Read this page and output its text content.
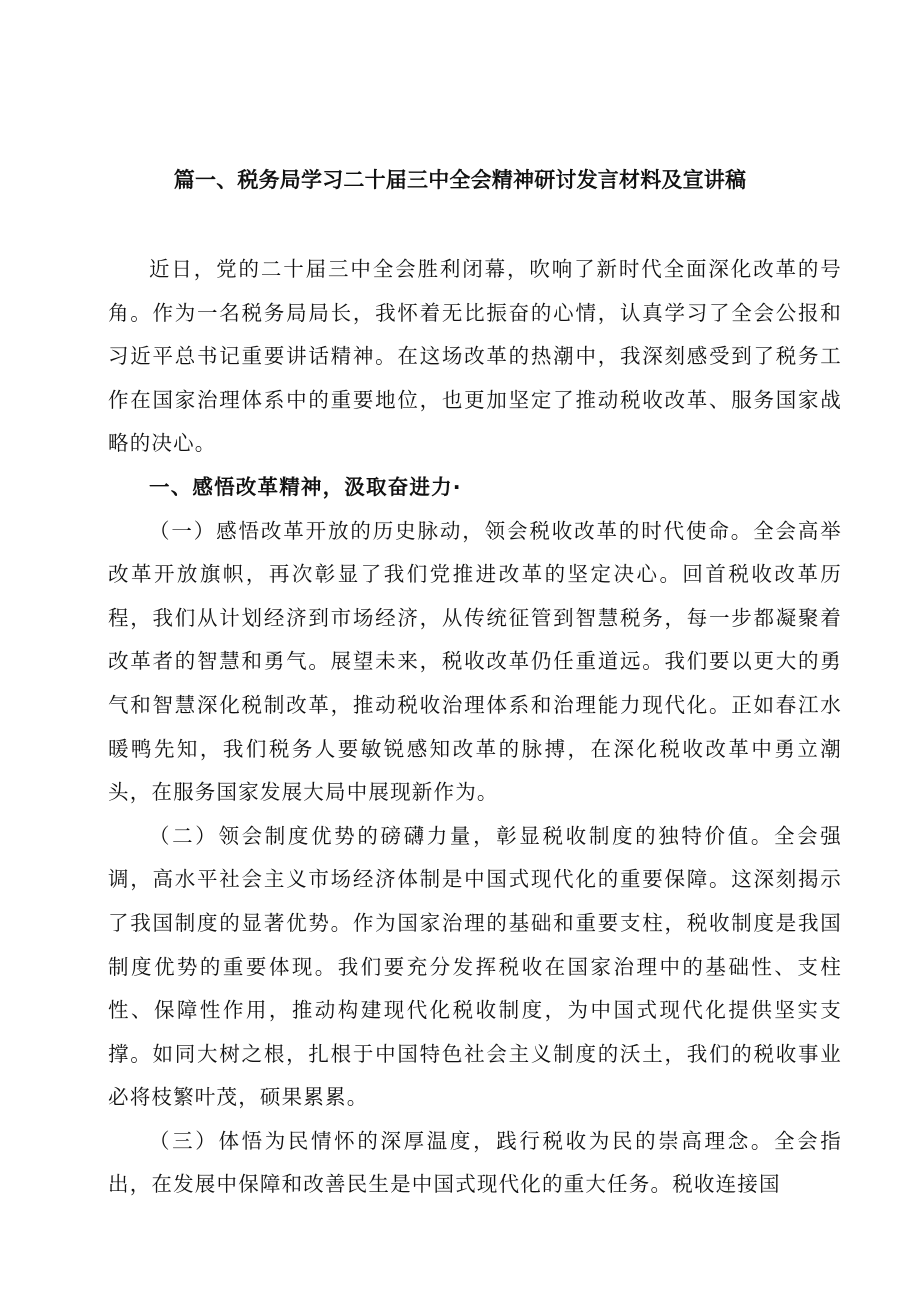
篇一、税务局学习二十届三中全会精神研讨发言材料及宣讲稿

近日，党的二十届三中全会胜利闭幕，吹响了新时代全面深化改革的号角。作为一名税务局局长，我怀着无比振奋的心情，认真学习了全会公报和习近平总书记重要讲话精神。在这场改革的热潮中，我深刻感受到了税务工作在国家治理体系中的重要地位，也更加坚定了推动税收改革、服务国家战略的决心。

一、感悟改革精神，汲取奋进力·

（一）感悟改革开放的历史脉动，领会税收改革的时代使命。全会高举改革开放旗帜，再次彰显了我们党推进改革的坚定决心。回首税收改革历程，我们从计划经济到市场经济，从传统征管到智慧税务，每一步都凝聚着改革者的智慧和勇气。展望未来，税收改革仍任重道远。我们要以更大的勇气和智慧深化税制改革，推动税收治理体系和治理能力现代化。正如春江水暖鸭先知，我们税务人要敏锐感知改革的脉搏，在深化税收改革中勇立潮头，在服务国家发展大局中展现新作为。

（二）领会制度优势的磅礴力量，彰显税收制度的独特价值。全会强调，高水平社会主义市场经济体制是中国式现代化的重要保障。这深刻揭示了我国制度的显著优势。作为国家治理的基础和重要支柱，税收制度是我国制度优势的重要体现。我们要充分发挥税收在国家治理中的基础性、支柱性、保障性作用，推动构建现代化税收制度，为中国式现代化提供坚实支撑。如同大树之根，扎根于中国特色社会主义制度的沃土，我们的税收事业必将枝繁叶茂，硕果累累。

（三）体悟为民情怀的深厚温度，践行税收为民的崇高理念。全会指出，在发展中保障和改善民生是中国式现代化的重大任务。税收连接国
